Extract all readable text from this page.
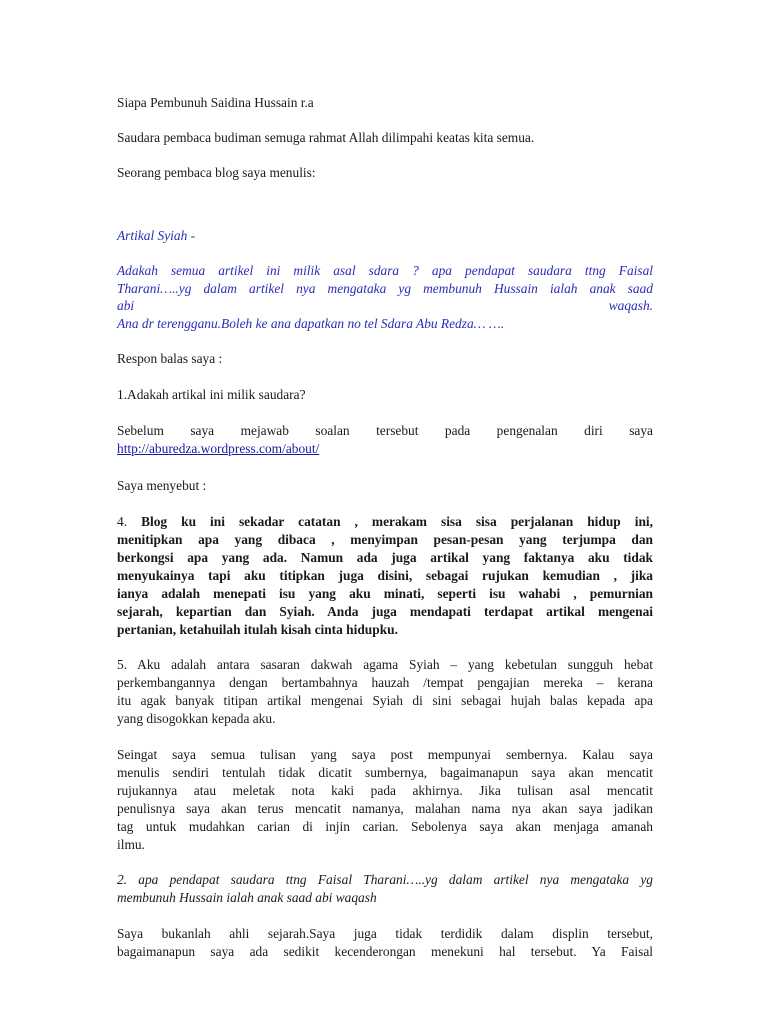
Siapa Pembunuh Saidina Hussain r.a
Saudara pembaca budiman semuga rahmat Allah dilimpahi keatas kita semua.
Seorang pembaca blog saya menulis:
Artikal Syiah -
Adakah semua artikel ini milik asal sdara ? apa pendapat saudara ttng Faisal
Tharani…..yg dalam artikel nya mengataka yg membunuh Hussain ialah anak saad
abi	waqash.
Ana dr terengganu.Boleh ke ana dapatkan no tel Sdara Abu Redza… ….
Respon balas saya :
1.Adakah artikal ini milik saudara?
Sebelum saya mejawab soalan tersebut pada pengenalan diri saya
http://aburedza.wordpress.com/about/
Saya menyebut :
4. Blog ku ini sekadar catatan , merakam sisa sisa perjalanan hidup ini,
menitipkan apa yang dibaca , menyimpan pesan-pesan yang terjumpa dan
berkongsi apa yang ada. Namun ada juga artikal yang faktanya aku tidak
menyukainya tapi aku titipkan juga disini, sebagai rujukan kemudian , jika
ianya adalah menepati isu yang aku minati, seperti isu wahabi , pemurnian
sejarah, kepartian dan Syiah. Anda juga mendapati terdapat artikal mengenai
pertanian, ketahuilah itulah kisah cinta hidupku.
5. Aku adalah antara sasaran dakwah agama Syiah – yang kebetulan sungguh hebat
perkembangannya dengan bertambahnya hauzah /tempat pengajian mereka – kerana
itu agak banyak titipan artikal mengenai Syiah di sini sebagai hujah balas kepada apa
yang disogokkan kepada aku.
Seingat saya semua tulisan yang saya post mempunyai sembernya. Kalau saya
menulis sendiri tentulah tidak dicatit sumbernya, bagaimanapun saya akan mencatit
rujukannya atau meletak nota kaki pada akhirnya. Jika tulisan asal mencatit
penulisnya saya akan terus mencatit namanya, malahan nama nya akan saya jadikan
tag untuk mudahkan carian di injin carian. Sebolenya saya akan menjaga amanah
ilmu.
2. apa pendapat saudara ttng Faisal Tharani…..yg dalam artikel nya mengataka yg
membunuh Hussain ialah anak saad abi waqash
Saya bukanlah ahli sejarah.Saya juga tidak terdidik dalam displin tersebut,
bagaimanapun saya ada sedikit kecenderongan menekuni hal tersebut. Ya Faisal
